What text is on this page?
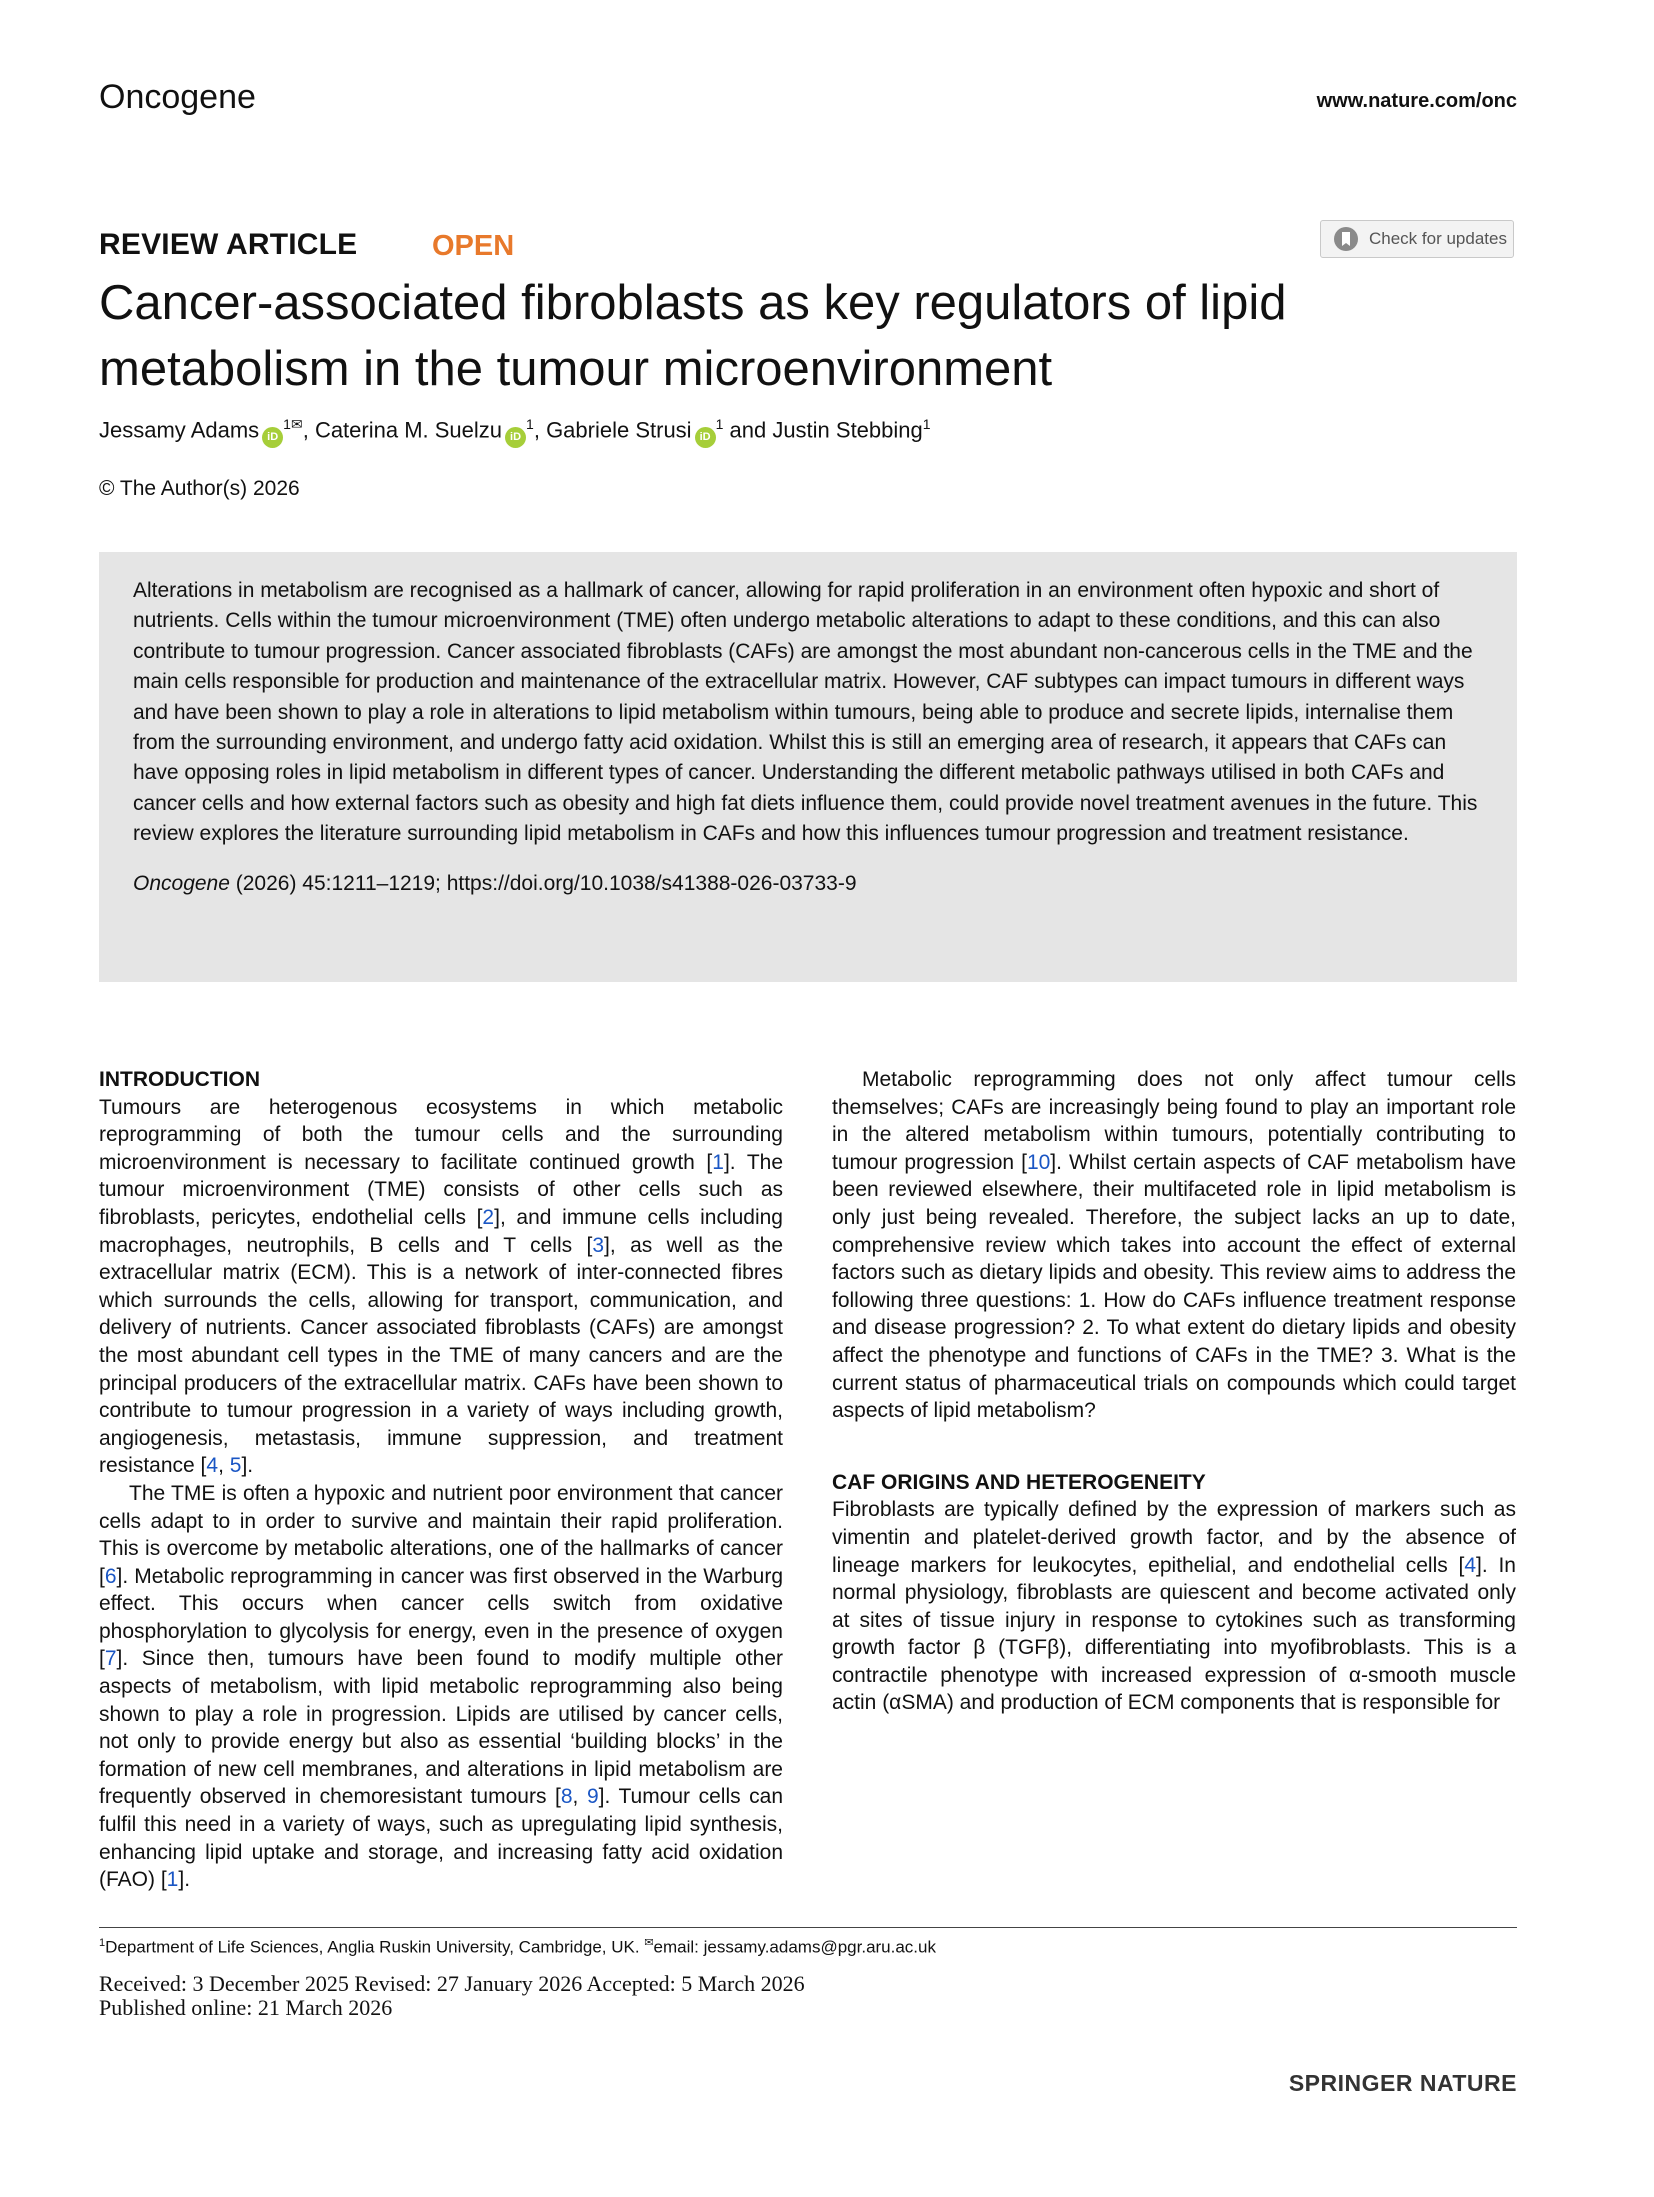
Oncogene	www.nature.com/onc
REVIEW ARTICLE	OPEN	Check for updates
Cancer-associated fibroblasts as key regulators of lipid metabolism in the tumour microenvironment
Jessamy Adams $iD^{1✉}$, Caterina M. Suelzu $iD^1$, Gabriele Strusi $iD^1$ and Justin Stebbing$^1$
© The Author(s) 2026

Alterations in metabolism are recognised as a hallmark of cancer, allowing for rapid proliferation in an environment often hypoxic and short of nutrients. Cells within the tumour microenvironment (TME) often undergo metabolic alterations to adapt to these conditions, and this can also contribute to tumour progression. Cancer associated fibroblasts (CAFs) are amongst the most abundant non-cancerous cells in the TME and the main cells responsible for production and maintenance of the extracellular matrix. However, CAF subtypes can impact tumours in different ways and have been shown to play a role in alterations to lipid metabolism within tumours, being able to produce and secrete lipids, internalise them from the surrounding environment, and undergo fatty acid oxidation. Whilst this is still an emerging area of research, it appears that CAFs can have opposing roles in lipid metabolism in different types of cancer. Understanding the different metabolic pathways utilised in both CAFs and cancer cells and how external factors such as obesity and high fat diets influence them, could provide novel treatment avenues in the future. This review explores the literature surrounding lipid metabolism in CAFs and how this influences tumour progression and treatment resistance.

Oncogene (2026) 45:1211–1219; https://doi.org/10.1038/s41388-026-03733-9

INTRODUCTION

Tumours are heterogenous ecosystems in which metabolic reprogramming of both the tumour cells and the surrounding microenvironment is necessary to facilitate continued growth [1]. The tumour microenvironment (TME) consists of other cells such as fibroblasts, pericytes, endothelial cells [2], and immune cells including macrophages, neutrophils, B cells and T cells [3], as well as the extracellular matrix (ECM). This is a network of inter-connected fibres which surrounds the cells, allowing for transport, communication, and delivery of nutrients. Cancer associated fibroblasts (CAFs) are amongst the most abundant cell types in the TME of many cancers and are the principal producers of the extracellular matrix. CAFs have been shown to contribute to tumour progression in a variety of ways including growth, angiogenesis, metastasis, immune suppression, and treatment resistance [4, 5].

The TME is often a hypoxic and nutrient poor environment that cancer cells adapt to in order to survive and maintain their rapid proliferation. This is overcome by metabolic alterations, one of the hallmarks of cancer [6]. Metabolic reprogramming in cancer was first observed in the Warburg effect. This occurs when cancer cells switch from oxidative phosphorylation to glycolysis for energy, even in the presence of oxygen [7]. Since then, tumours have been found to modify multiple other aspects of metabolism, with lipid metabolic reprogramming also being shown to play a role in progression. Lipids are utilised by cancer cells, not only to provide energy but also as essential ‘building blocks’ in the formation of new cell membranes, and alterations in lipid metabolism are frequently observed in chemoresistant tumours [8, 9]. Tumour cells can fulfil this need in a variety of ways, such as upregulating lipid synthesis, enhancing lipid uptake and storage, and increasing fatty acid oxidation (FAO) [1].

Metabolic reprogramming does not only affect tumour cells themselves; CAFs are increasingly being found to play an important role in the altered metabolism within tumours, potentially contributing to tumour progression [10]. Whilst certain aspects of CAF metabolism have been reviewed elsewhere, their multifaceted role in lipid metabolism is only just being revealed. Therefore, the subject lacks an up to date, comprehensive review which takes into account the effect of external factors such as dietary lipids and obesity. This review aims to address the following three questions: 1. How do CAFs influence treatment response and disease progression? 2. To what extent do dietary lipids and obesity affect the phenotype and functions of CAFs in the TME? 3. What is the current status of pharmaceutical trials on compounds which could target aspects of lipid metabolism?

CAF ORIGINS AND HETEROGENEITY

Fibroblasts are typically defined by the expression of markers such as vimentin and platelet-derived growth factor, and by the absence of lineage markers for leukocytes, epithelial, and endothelial cells [4]. In normal physiology, fibroblasts are quiescent and become activated only at sites of tissue injury in response to cytokines such as transforming growth factor β (TGFβ), differentiating into myofibroblasts. This is a contractile phenotype with increased expression of α-smooth muscle actin (αSMA) and production of ECM components that is responsible for

$^1$Department of Life Sciences, Anglia Ruskin University, Cambridge, UK. ✉email: jessamy.adams@pgr.aru.ac.uk
Received: 3 December 2025 Revised: 27 January 2026 Accepted: 5 March 2026
Published online: 21 March 2026
SPRINGER NATURE
